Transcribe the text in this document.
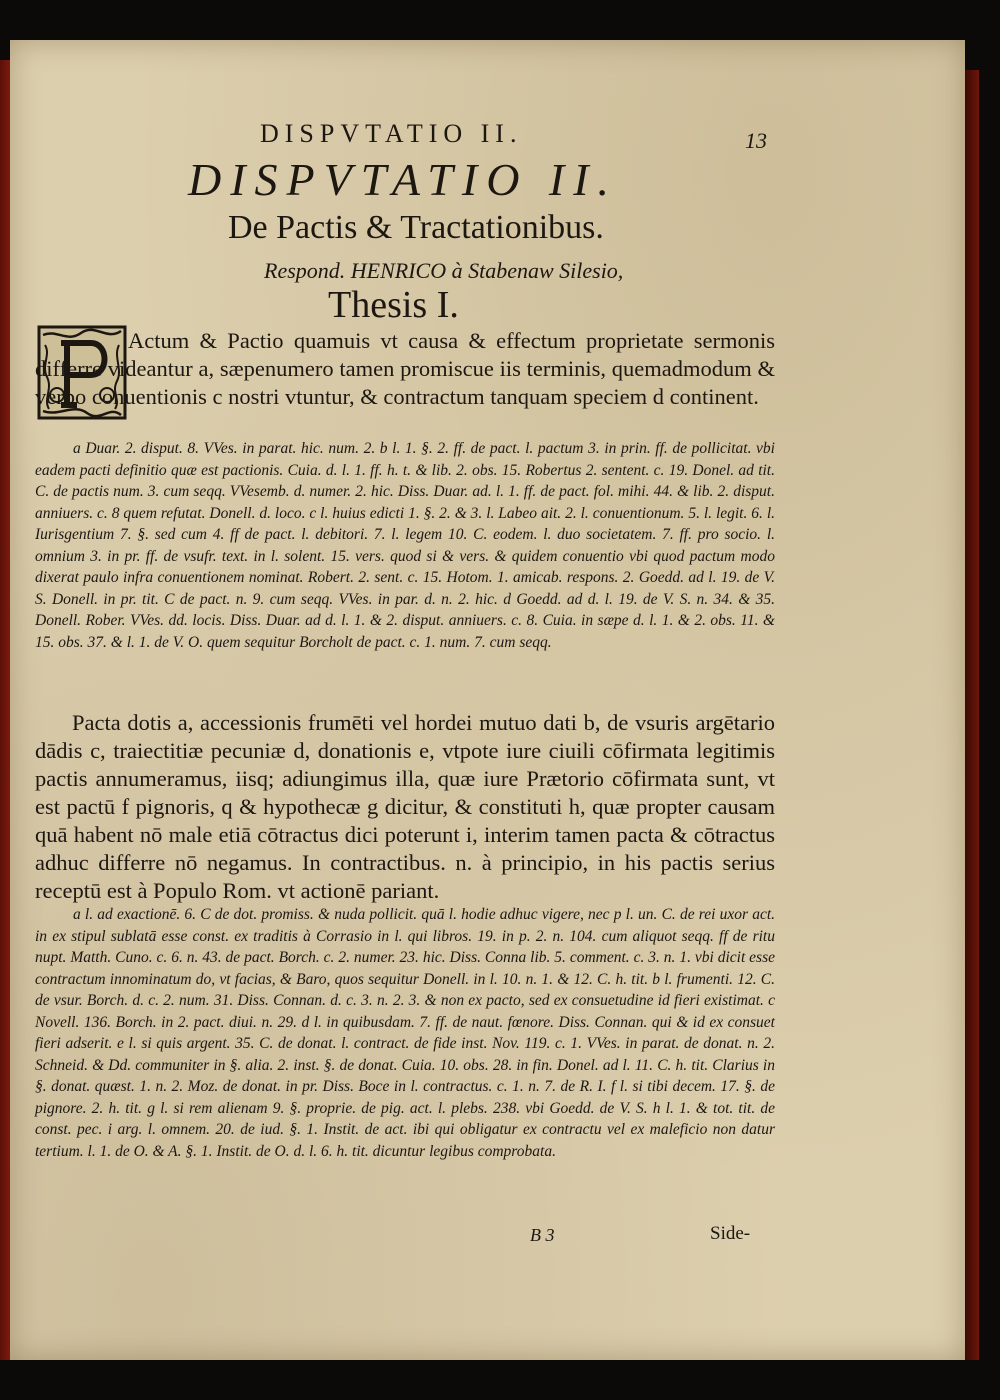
DISPVTATIO II.	13
DISPVTATIO II.
De Pactis & Tractationibus.
Respond. HENRICO à Stabenaw Silesio,
Thesis I.

Actum & Pactio quamuis vt causa & effectum proprietate sermonis differre videantur a, sæpenumero tamen promiscue iis terminis, quemadmodum & verbo conuentionis c nostri vtuntur, & contractum tanquam speciem d continent.

a Duar. 2. disput. 8. VVes. in parat. hic. num. 2. b l. 1. §. 2. ff. de pact. l. pactum 3. in prin. ff. de pollicitat. vbi eadem pacti definitio quæ est pactionis. Cuia. d. l. 1. ff. h. t. & lib. 2. obs. 15. Robertus 2. sentent. c. 19. Donel. ad tit. C. de pactis num. 3. cum seqq. VVesemb. d. numer. 2. hic. Diss. Duar. ad. l. 1. ff. de pact. fol. mihi. 44. & lib. 2. disput. anniuers. c. 8 quem refutat. Donell. d. loco. c l. huius edicti 1. §. 2. & 3. l. Labeo ait. 2. l. conuentionum. 5. l. legit. 6. l. Iurisgentium 7. §. sed cum 4. ff de pact. l. debitori. 7. l. legem 10. C. eodem. l. duo societatem. 7. ff. pro socio. l. omnium 3. in pr. ff. de vsufr. text. in l. solent. 15. vers. quod si & vers. & quidem conuentio vbi quod pactum modo dixerat paulo infra conuentionem nominat. Robert. 2. sent. c. 15. Hotom. 1. amicab. respons. 2. Goedd. ad l. 19. de V. S. Donell. in pr. tit. C de pact. n. 9. cum seqq. VVes. in par. d. n. 2. hic. d Goedd. ad d. l. 19. de V. S. n. 34. & 35. Donell. Rober. VVes. dd. locis. Diss. Duar. ad d. l. 1. & 2. disput. anniuers. c. 8. Cuia. in sæpe d. l. 1. & 2. obs. 11. & 15. obs. 37. & l. 1. de V. O. quem sequitur Borcholt de pact. c. 1. num. 7. cum seqq.

Pacta dotis a, accessionis frumēti vel hordei mutuo dati b, de vsuris argētario dādis c, traiectitiæ pecuniæ d, donationis e, vtpote iure ciuili cōfirmata legitimis pactis annumeramus, iisq; adiungimus illa, quæ iure Prætorio cōfirmata sunt, vt est pactū f pignoris, q & hypothecæ g dicitur, & constituti h, quæ propter causam quā habent nō male etiā cōtractus dici poterunt i, interim tamen pacta & cōtractus adhuc differre nō negamus. In contractibus. n. à principio, in his pactis serius receptū est à Populo Rom. vt actionē pariant.

a l. ad exactionē. 6. C de dot. promiss. & nuda pollicit. quā l. hodie adhuc vigere, nec p l. un. C. de rei uxor act. in ex stipul sublatā esse const. ex traditis à Corrasio in l. qui libros. 19. in p. 2. n. 104. cum aliquot seqq. ff de ritu nupt. Matth. Cuno. c. 6. n. 43. de pact. Borch. c. 2. numer. 23. hic. Diss. Conna lib. 5. comment. c. 3. n. 1. vbi dicit esse contractum innominatum do, vt facias, & Baro, quos sequitur Donell. in l. 10. n. 1. & 12. C. h. tit. b l. frumenti. 12. C. de vsur. Borch. d. c. 2. num. 31. Diss. Connan. d. c. 3. n. 2. 3. & non ex pacto, sed ex consuetudine id fieri existimat. c Novell. 136. Borch. in 2. pact. diui. n. 29. d l. in quibusdam. 7. ff. de naut. fœnore. Diss. Connan. qui & id ex consuet fieri adserit. e l. si quis argent. 35. C. de donat. l. contract. de fide inst. Nov. 119. c. 1. VVes. in parat. de donat. n. 2. Schneid. & Dd. communiter in §. alia. 2. inst. §. de donat. Cuia. 10. obs. 28. in fin. Donel. ad l. 11. C. h. tit. Clarius in §. donat. quæst. 1. n. 2. Moz. de donat. in pr. Diss. Boce in l. contractus. c. 1. n. 7. de R. I. f l. si tibi decem. 17. §. de pignore. 2. h. tit. g l. si rem alienam 9. §. proprie. de pig. act. l. plebs. 238. vbi Goedd. de V. S. h l. 1. & tot. tit. de const. pec. i arg. l. omnem. 20. de iud. §. 1. Instit. de act. ibi qui obligatur ex contractu vel ex maleficio non datur tertium. l. 1. de O. & A. §. 1. Instit. de O. d. l. 6. h. tit. dicuntur legibus comprobata.

B 3	Side-
